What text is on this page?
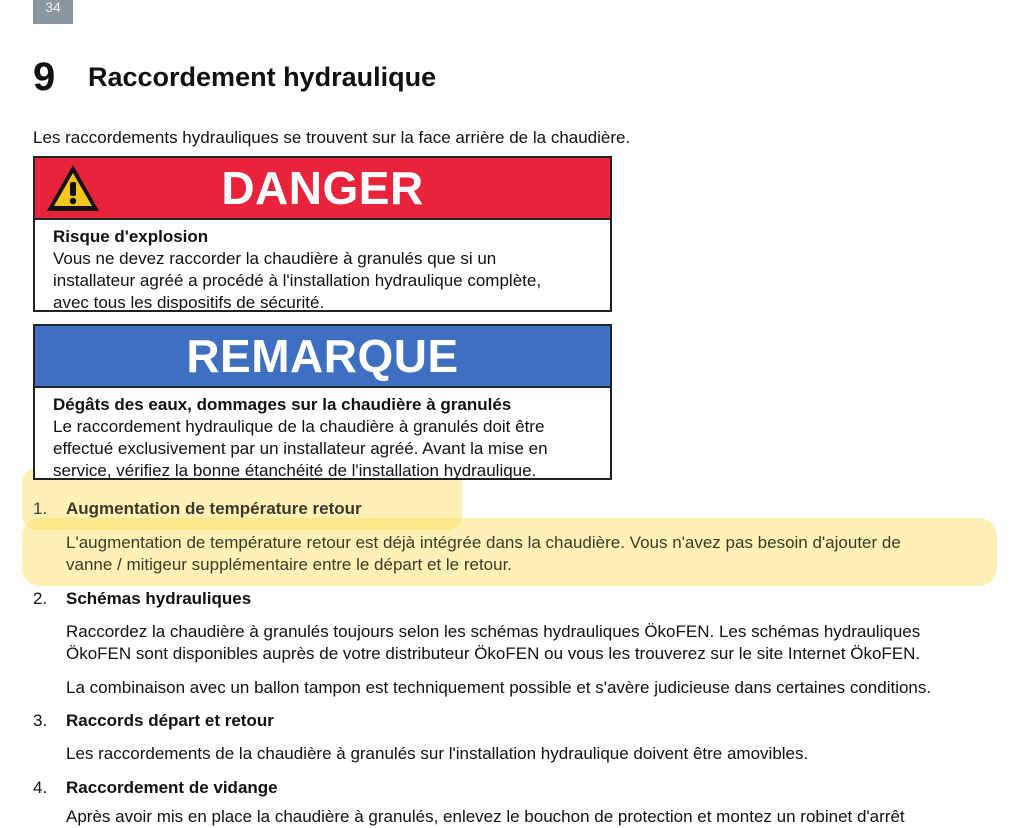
34
9	Raccordement hydraulique
Les raccordements hydrauliques se trouvent sur la face arrière de la chaudière.
DANGER
Risque d'explosion
Vous ne devez raccorder la chaudière à granulés que si un
installateur agréé a procédé à l'installation hydraulique complète,
avec tous les dispositifs de sécurité.
REMARQUE
Dégâts des eaux, dommages sur la chaudière à granulés
Le raccordement hydraulique de la chaudière à granulés doit être
effectué exclusivement par un installateur agréé. Avant la mise en
service, vérifiez la bonne étanchéité de l'installation hydraulique.
1.	Augmentation de température retour
L'augmentation de température retour est déjà intégrée dans la chaudière. Vous n'avez pas besoin d'ajouter de
vanne / mitigeur supplémentaire entre le départ et le retour.
2.	Schémas hydrauliques
Raccordez la chaudière à granulés toujours selon les schémas hydrauliques ÖkoFEN. Les schémas hydrauliques
ÖkoFEN sont disponibles auprès de votre distributeur ÖkoFEN ou vous les trouverez sur le site Internet ÖkoFEN.
La combinaison avec un ballon tampon est techniquement possible et s'avère judicieuse dans certaines conditions.
3.	Raccords départ et retour
Les raccordements de la chaudière à granulés sur l'installation hydraulique doivent être amovibles.
4.	Raccordement de vidange
Après avoir mis en place la chaudière à granulés, enlevez le bouchon de protection et montez un robinet d'arrêt
